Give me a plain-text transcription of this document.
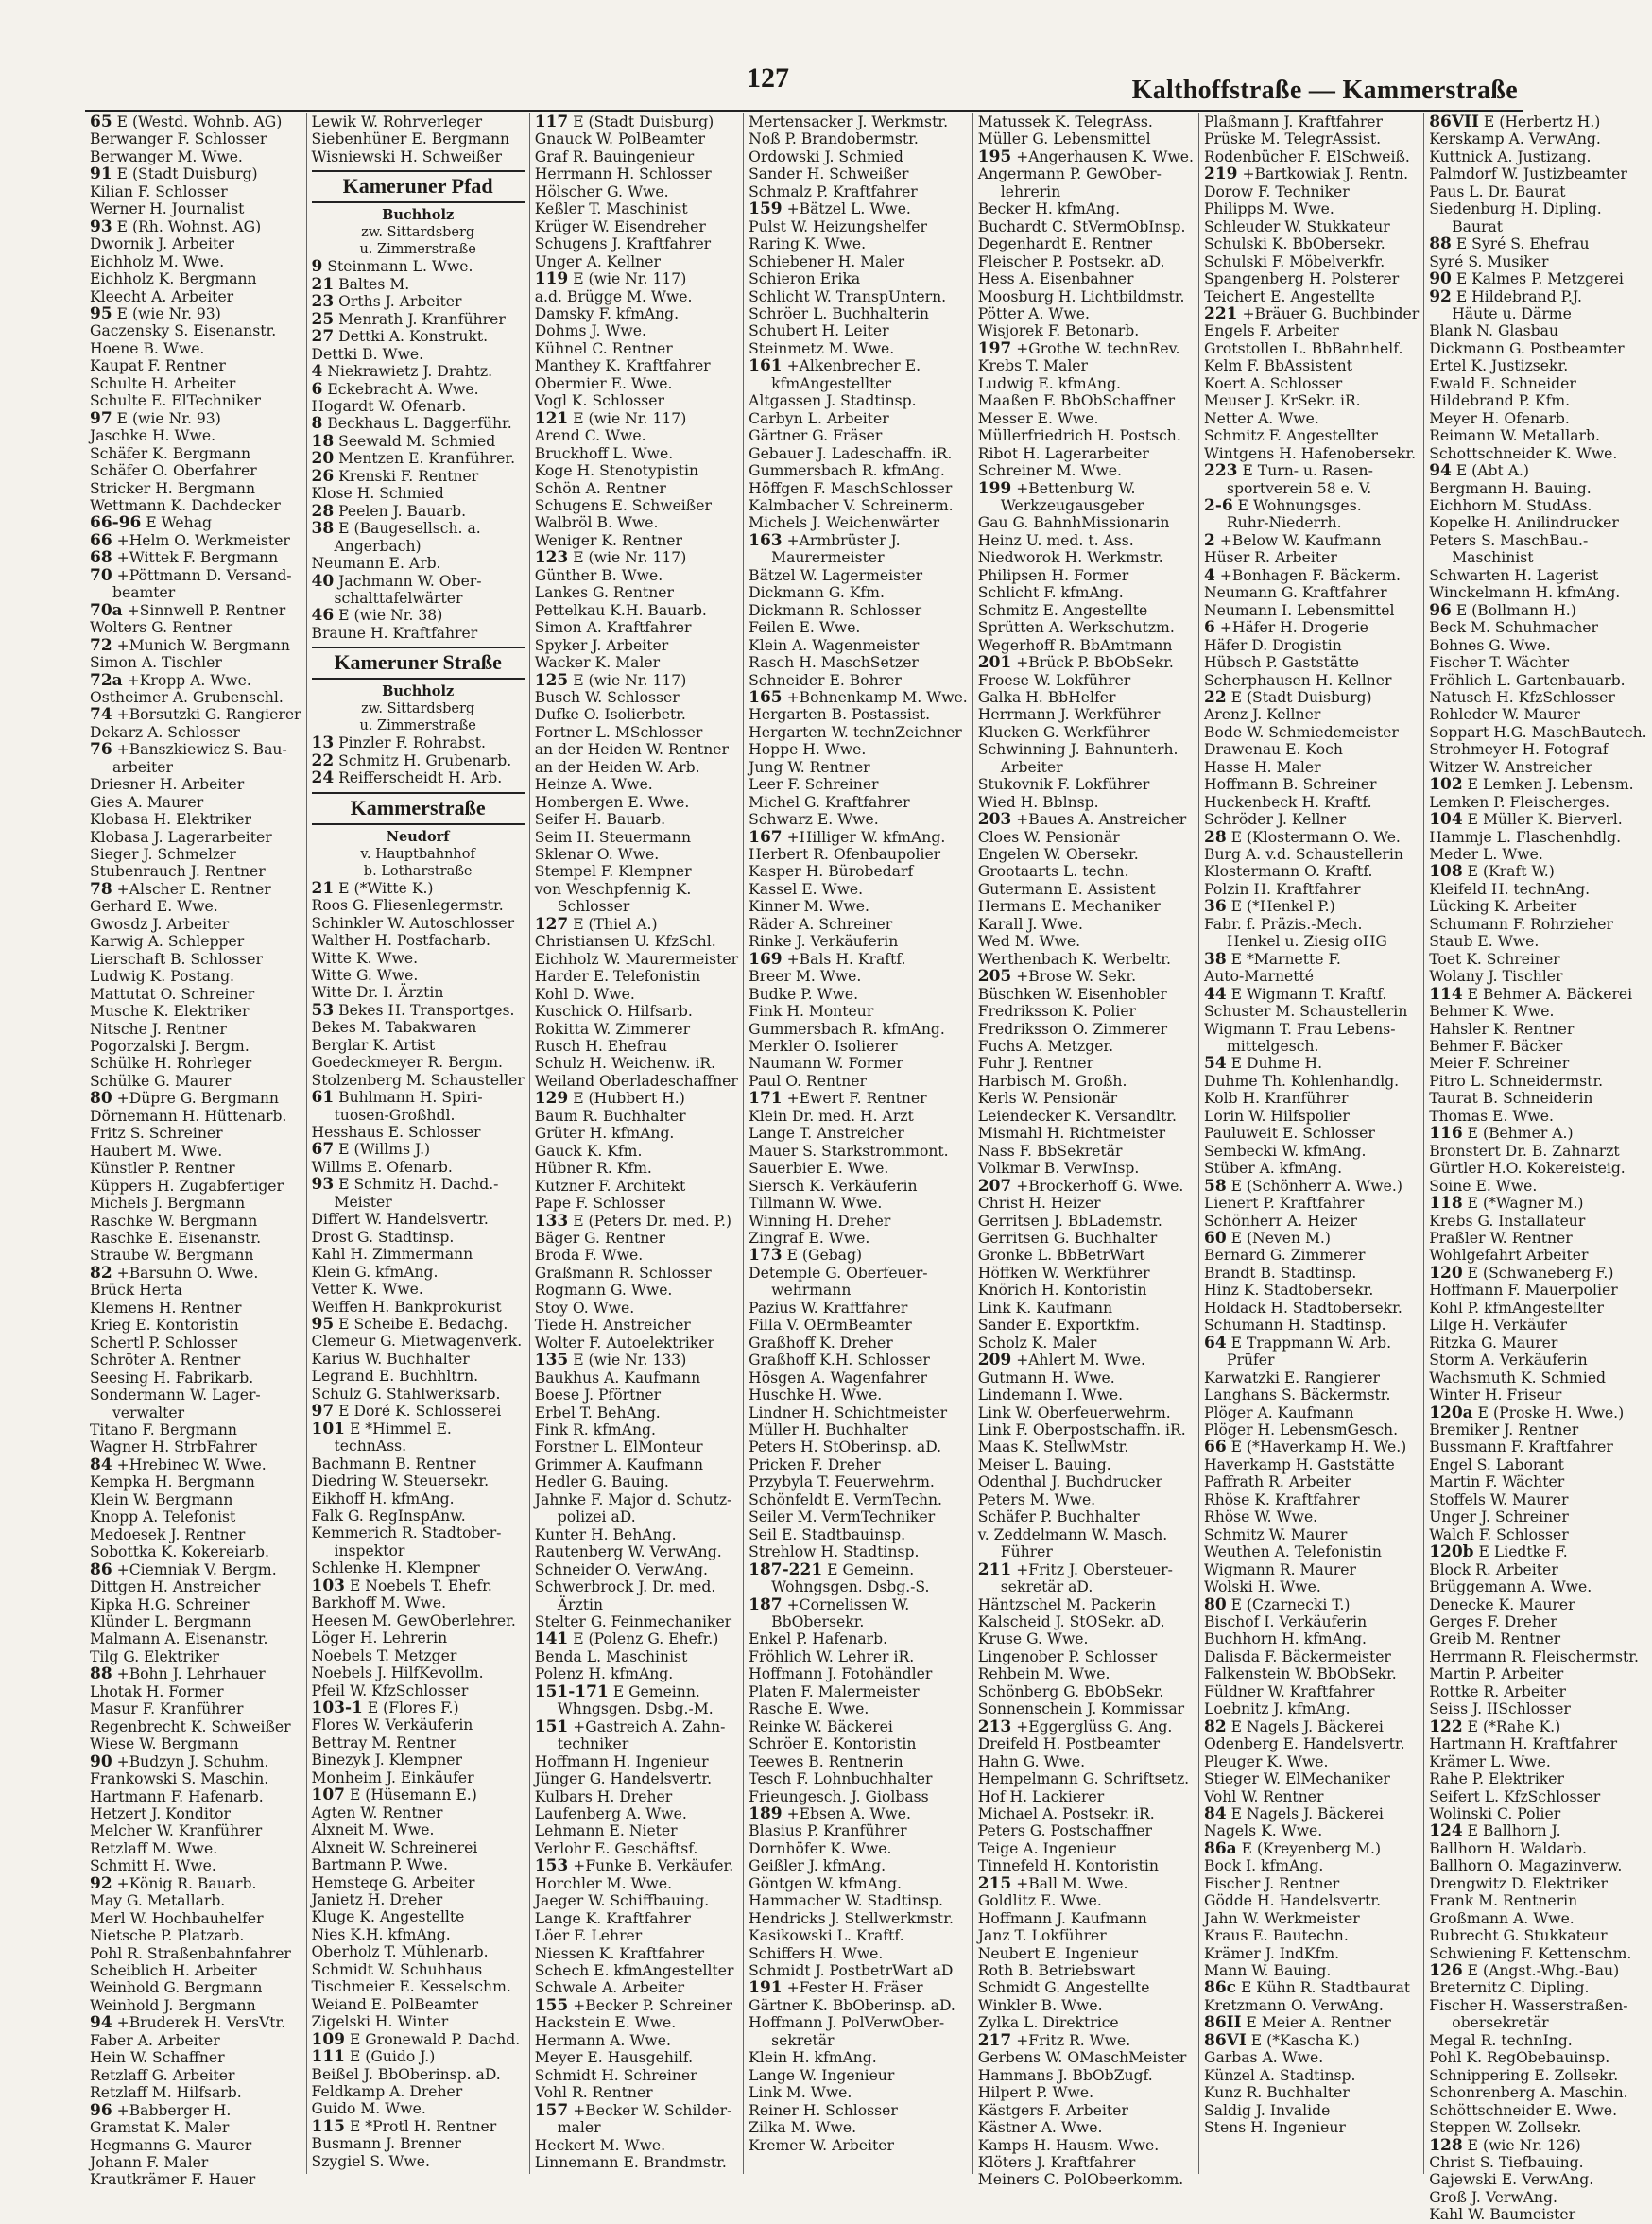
127	Kalthoffstraße — Kammerstraße
65 E (Westd. Wohnb. AG)
Berwanger F. Schlosser
Berwanger M. Wwe.
91 E (Stadt Duisburg)
Kilian F. Schlosser
Werner H. Journalist
93 E (Rh. Wohnst. AG)
Dwornik J. Arbeiter
Eichholz M. Wwe.
Eichholz K. Bergmann
Kleecht A. Arbeiter
95 E (wie Nr. 93)
Gaczensky S. Eisenanstr.
Hoene B. Wwe.
Kaupat F. Rentner
Schulte H. Arbeiter
Schulte E. ElTechniker
97 E (wie Nr. 93)
Jaschke H. Wwe.
Schäfer K. Bergmann
Schäfer O. Oberfahrer
Stricker H. Bergmann
Wettmann K. Dachdecker
66-96 E Wehag
66 +Helm O. Werkmeister
68 +Wittek F. Bergmann
70 +Pöttmann D. Versand-
beamter
70a +Sinnwell P. Rentner
Wolters G. Rentner
72 +Munich W. Bergmann
Simon A. Tischler
72a +Kropp A. Wwe.
Ostheimer A. Grubenschl.
74 +Borsutzki G. Rangierer
Dekarz A. Schlosser
76 +Banszkiewicz S. Bau-
arbeiter
Driesner H. Arbeiter
Gies A. Maurer
Klobasa H. Elektriker
Klobasa J. Lagerarbeiter
Sieger J. Schmelzer
Stubenrauch J. Rentner
78 +Alscher E. Rentner
Gerhard E. Wwe.
Gwosdz J. Arbeiter
Karwig A. Schlepper
Lierschaft B. Schlosser
Ludwig K. Postang.
Mattutat O. Schreiner
Musche K. Elektriker
Nitsche J. Rentner
Pogorzalski J. Bergm.
Schülke H. Rohrleger
Schülke G. Maurer
80 +Düpre G. Bergmann
Dörnemann H. Hüttenarb.
Fritz S. Schreiner
Haubert M. Wwe.
Künstler P. Rentner
Küppers H. Zugabfertiger
Michels J. Bergmann
Raschke W. Bergmann
Raschke E. Eisenanstr.
Straube W. Bergmann
82 +Barsuhn O. Wwe.
Brück Herta
Klemens H. Rentner
Krieg E. Kontoristin
Schertl P. Schlosser
Schröter A. Rentner
Seesing H. Fabrikarb.
Sondermann W. Lager-
verwalter
Titano F. Bergmann
Wagner H. StrbFahrer
84 +Hrebinec W. Wwe.
Kempka H. Bergmann
Klein W. Bergmann
Knopp A. Telefonist
Medoesek J. Rentner
Sobottka K. Kokereiarb.
86 +Ciemniak V. Bergm.
Dittgen H. Anstreicher
Kipka H.G. Schreiner
Klünder L. Bergmann
Malmann A. Eisenanstr.
Tilg G. Elektriker
88 +Bohn J. Lehrhauer
Lhotak H. Former
Masur F. Kranführer
Regenbrecht K. Schweißer
Wiese W. Bergmann
90 +Budzyn J. Schuhm.
Frankowski S. Maschin.
Hartmann F. Hafenarb.
Hetzert J. Konditor
Melcher W. Kranführer
Retzlaff M. Wwe.
Schmitt H. Wwe.
92 +König R. Bauarb.
May G. Metallarb.
Merl W. Hochbauhelfer
Nietsche P. Platzarb.
Pohl R. Straßenbahnfahrer
Scheiblich H. Arbeiter
Weinhold G. Bergmann
Weinhold J. Bergmann
94 +Bruderek H. VersVtr.
Faber A. Arbeiter
Hein W. Schaffner
Retzlaff G. Arbeiter
Retzlaff M. Hilfsarb.
96 +Babberger H.
Gramstat K. Maler
Hegmanns G. Maurer
Johann F. Maler
Krautkrämer F. Hauer
Lewik W. Rohrverleger
Siebenhüner E. Bergmann
Wisniewski H. Schweißer
Kameruner Pfad
Buchholz
zw. Sittardsberg
u. Zimmerstraße
9 Steinmann L. Wwe.
21 Baltes M.
23 Orths J. Arbeiter
25 Menrath J. Kranführer
27 Dettki A. Konstrukt.
Dettki B. Wwe.
4 Niekrawietz J. Drahtz.
6 Eckebracht A. Wwe.
Hogardt W. Ofenarb.
8 Beckhaus L. Baggerführ.
18 Seewald M. Schmied
20 Mentzen E. Kranführer.
26 Krenski F. Rentner
Klose H. Schmied
28 Peelen J. Bauarb.
38 E (Baugesellsch. a.
Angerbach)
Neumann E. Arb.
40 Jachmann W. Ober-
schalttafelwärter
46 E (wie Nr. 38)
Braune H. Kraftfahrer
Kameruner Straße
Buchholz
zw. Sittardsberg
u. Zimmerstraße
13 Pinzler F. Rohrabst.
22 Schmitz H. Grubenarb.
24 Reifferscheidt H. Arb.
Kammerstraße
Neudorf
v. Hauptbahnhof
b. Lotharstraße
21 E (*Witte K.)
Roos G. Fliesenlegermstr.
Schinkler W. Autoschlosser
Walther H. Postfacharb.
Witte K. Wwe.
Witte G. Wwe.
Witte Dr. I. Ärztin
53 Bekes H. Transportges.
Bekes M. Tabakwaren
Berglar K. Artist
Goedeckmeyer R. Bergm.
Stolzenberg M. Schausteller
61 Buhlmann H. Spiri-
tuosen-Großhdl.
Hesshaus E. Schlosser
67 E (Willms J.)
Willms E. Ofenarb.
93 E Schmitz H. Dachd.-
Meister
Differt W. Handelsvertr.
Drost G. Stadtinsp.
Kahl H. Zimmermann
Klein G. kfmAng.
Vetter K. Wwe.
Weiffen H. Bankprokurist
95 E Scheibe E. Bedachg.
Clemeur G. Mietwagenverk.
Karius W. Buchhalter
Legrand E. Buchhltrn.
Schulz G. Stahlwerksarb.
97 E Doré K. Schlosserei
101 E *Himmel E.
technAss.
Bachmann B. Rentner
Diedring W. Steuersekr.
Eikhoff H. kfmAng.
Falk G. RegInspAnw.
Kemmerich R. Stadtober-
inspektor
Schlenke H. Klempner
103 E Noebels T. Ehefr.
Barkhoff M. Wwe.
Heesen M. GewOberlehrer.
Löger H. Lehrerin
Noebels T. Metzger
Noebels J. HilfKevollm.
Pfeil W. KfzSchlosser
103-1 E (Flores F.)
Flores W. Verkäuferin
Bettray M. Rentner
Binezyk J. Klempner
Monheim J. Einkäufer
107 E (Hüsemann E.)
Agten W. Rentner
Alxneit M. Wwe.
Alxneit W. Schreinerei
Bartmann P. Wwe.
Hemsteqe G. Arbeiter
Janietz H. Dreher
Kluge K. Angestellte
Nies K.H. kfmAng.
Oberholz T. Mühlenarb.
Schmidt W. Schuhhaus
Tischmeier E. Kesselschm.
Weiand E. PolBeamter
Zigelski H. Winter
109 E Gronewald P. Dachd.
111 E (Guido J.)
Beißel J. BbOberinsp. aD.
Feldkamp A. Dreher
Guido M. Wwe.
115 E *Protl H. Rentner
Busmann J. Brenner
Szygiel S. Wwe.
117 E (Stadt Duisburg)
Gnauck W. PolBeamter
Graf R. Bauingenieur
Herrmann H. Schlosser
Hölscher G. Wwe.
Keßler T. Maschinist
Krüger W. Eisendreher
Schugens J. Kraftfahrer
Unger A. Kellner
119 E (wie Nr. 117)
a.d. Brügge M. Wwe.
Damsky F. kfmAng.
Dohms J. Wwe.
Kühnel C. Rentner
Manthey K. Kraftfahrer
Obermier E. Wwe.
Vogl K. Schlosser
121 E (wie Nr. 117)
Arend C. Wwe.
Bruckhoff L. Wwe.
Koge H. Stenotypistin
Schön A. Rentner
Schugens E. Schweißer
Walbröl B. Wwe.
Weniger K. Rentner
123 E (wie Nr. 117)
Günther B. Wwe.
Lankes G. Rentner
Pettelkau K.H. Bauarb.
Simon A. Kraftfahrer
Spyker J. Arbeiter
Wacker K. Maler
125 E (wie Nr. 117)
Busch W. Schlosser
Dufke O. Isolierbetr.
Fortner L. MSchlosser
an der Heiden W. Rentner
an der Heiden W. Arb.
Heinze A. Wwe.
Hombergen E. Wwe.
Seifer H. Bauarb.
Seim H. Steuermann
Sklenar O. Wwe.
Stempel F. Klempner
von Weschpfennig K.
Schlosser
127 E (Thiel A.)
Christiansen U. KfzSchl.
Eichholz W. Maurermeister
Harder E. Telefonistin
Kohl D. Wwe.
Kuschick O. Hilfsarb.
Rokitta W. Zimmerer
Rusch H. Ehefrau
Schulz H. Weichenw. iR.
Weiland Oberladeschaffner
129 E (Hubbert H.)
Baum R. Buchhalter
Grüter H. kfmAng.
Gauck K. Kfm.
Hübner R. Kfm.
Kutzner F. Architekt
Pape F. Schlosser
133 E (Peters Dr. med. P.)
Bäger G. Rentner
Broda F. Wwe.
Graßmann R. Schlosser
Rogmann G. Wwe.
Stoy O. Wwe.
Tiede H. Anstreicher
Wolter F. Autoelektriker
135 E (wie Nr. 133)
Baukhus A. Kaufmann
Boese J. Pförtner
Erbel T. BehAng.
Fink R. kfmAng.
Forstner L. ElMonteur
Grimmer A. Kaufmann
Hedler G. Bauing.
Jahnke F. Major d. Schutz-
polizei aD.
Kunter H. BehAng.
Rautenberg W. VerwAng.
Schneider O. VerwAng.
Schwerbrock J. Dr. med.
Ärztin
Stelter G. Feinmechaniker
141 E (Polenz G. Ehefr.)
Benda L. Maschinist
Polenz H. kfmAng.
151-171 E Gemeinn.
Whngsgen. Dsbg.-M.
151 +Gastreich A. Zahn-
techniker
Hoffmann H. Ingenieur
Jünger G. Handelsvertr.
Kulbars H. Dreher
Laufenberg A. Wwe.
Lehmann E. Nieter
Verlohr E. Geschäftsf.
153 +Funke B. Verkäufer.
Horchler M. Wwe.
Jaeger W. Schiffbauing.
Lange K. Kraftfahrer
Löer F. Lehrer
Niessen K. Kraftfahrer
Schech E. kfmAngestellter
Schwale A. Arbeiter
155 +Becker P. Schreiner
Hackstein E. Wwe.
Hermann A. Wwe.
Meyer E. Hausgehilf.
Schmidt H. Schreiner
Vohl R. Rentner
157 +Becker W. Schilder-
maler
Heckert M. Wwe.
Linnemann E. Brandmstr.
Mertensacker J. Werkmstr.
Noß P. Brandobermstr.
Ordowski J. Schmied
Sander H. Schweißer
Schmalz P. Kraftfahrer
159 +Bätzel L. Wwe.
Pulst W. Heizungshelfer
Raring K. Wwe.
Schiebener H. Maler
Schieron Erika
Schlicht W. TranspUntern.
Schröer L. Buchhalterin
Schubert H. Leiter
Steinmetz M. Wwe.
161 +Alkenbrecher E.
kfmAngestellter
Altgassen J. Stadtinsp.
Carbyn L. Arbeiter
Gärtner G. Fräser
Gebauer J. Ladeschaffn. iR.
Gummersbach R. kfmAng.
Höffgen F. MaschSchlosser
Kalmbacher V. Schreinerm.
Michels J. Weichenwärter
163 +Armbrüster J.
Maurermeister
Bätzel W. Lagermeister
Dickmann G. Kfm.
Dickmann R. Schlosser
Feilen E. Wwe.
Klein A. Wagenmeister
Rasch H. MaschSetzer
Schneider E. Bohrer
165 +Bohnenkamp M. Wwe.
Hergarten B. Postassist.
Hergarten W. technZeichner
Hoppe H. Wwe.
Jung W. Rentner
Leer F. Schreiner
Michel G. Kraftfahrer
Schwarz E. Wwe.
167 +Hilliger W. kfmAng.
Herbert R. Ofenbaupolier
Kasper H. Bürobedarf
Kassel E. Wwe.
Kinner M. Wwe.
Räder A. Schreiner
Rinke J. Verkäuferin
169 +Bals H. Kraftf.
Breer M. Wwe.
Budke P. Wwe.
Fink H. Monteur
Gummersbach R. kfmAng.
Merkler O. Isolierer
Naumann W. Former
Paul O. Rentner
171 +Ewert F. Rentner
Klein Dr. med. H. Arzt
Lange T. Anstreicher
Mauer S. Starkstrommont.
Sauerbier E. Wwe.
Siersch K. Verkäuferin
Tillmann W. Wwe.
Winning H. Dreher
Zingraf E. Wwe.
173 E (Gebag)
Detemple G. Oberfeuer-
wehrmann
Pazius W. Kraftfahrer
Filla V. OErmBeamter
Graßhoff K. Dreher
Graßhoff K.H. Schlosser
Hösgen A. Wagenfahrer
Huschke H. Wwe.
Lindner H. Schichtmeister
Müller H. Buchhalter
Peters H. StOberinsp. aD.
Pricken F. Dreher
Przybyla T. Feuerwehrm.
Schönfeldt E. VermTechn.
Seiler M. VermTechniker
Seil E. Stadtbauinsp.
Strehlow H. Stadtinsp.
187-221 E Gemeinn.
Wohngsgen. Dsbg.-S.
187 +Cornelissen W.
BbObersekr.
Enkel P. Hafenarb.
Fröhlich W. Lehrer iR.
Hoffmann J. Fotohändler
Platen F. Malermeister
Rasche E. Wwe.
Reinke W. Bäckerei
Schröer E. Kontoristin
Teewes B. Rentnerin
Tesch F. Lohnbuchhalter
Frieungesch. J. Giolbass
189 +Ebsen A. Wwe.
Blasius P. Kranführer
Dornhöfer K. Wwe.
Geißler J. kfmAng.
Göntgen W. kfmAng.
Hammacher W. Stadtinsp.
Hendricks J. Stellwerkmstr.
Kasikowski L. Kraftf.
Schiffers H. Wwe.
Schmidt J. PostbetrWart aD
191 +Fester H. Fräser
Gärtner K. BbOberinsp. aD.
Hoffmann J. PolVerwOber-
sekretär
Klein H. kfmAng.
Lange W. Ingenieur
Link M. Wwe.
Reiner H. Schlosser
Zilka M. Wwe.
Kremer W. Arbeiter
Matussek K. TelegrAss.
Müller G. Lebensmittel
195 +Angerhausen K. Wwe.
Angermann P. GewOber-
lehrerin
Becker H. kfmAng.
Buchardt C. StVermObInsp.
Degenhardt E. Rentner
Fleischer P. Postsekr. aD.
Hess A. Eisenbahner
Moosburg H. Lichtbildmstr.
Pötter A. Wwe.
Wisjorek F. Betonarb.
197 +Grothe W. technRev.
Krebs T. Maler
Ludwig E. kfmAng.
Maaßen F. BbObSchaffner
Messer E. Wwe.
Müllerfriedrich H. Postsch.
Ribot H. Lagerarbeiter
Schreiner M. Wwe.
199 +Bettenburg W.
Werkzeugausgeber
Gau G. BahnhMissionarin
Heinz U. med. t. Ass.
Niedworok H. Werkmstr.
Philipsen H. Former
Schlicht F. kfmAng.
Schmitz E. Angestellte
Sprütten A. Werkschutzm.
Wegerhoff R. BbAmtmann
201 +Brück P. BbObSekr.
Froese W. Lokführer
Galka H. BbHelfer
Herrmann J. Werkführer
Klucken G. Werkführer
Schwinning J. Bahnunterh.
Arbeiter
Stukovnik F. Lokführer
Wied H. Bblnsp.
203 +Baues A. Anstreicher
Cloes W. Pensionär
Engelen W. Obersekr.
Grootaarts L. techn.
Gutermann E. Assistent
Hermans E. Mechaniker
Karall J. Wwe.
Wed M. Wwe.
Werthenbach K. Werbeltr.
205 +Brose W. Sekr.
Büschken W. Eisenhobler
Fredriksson K. Polier
Fredriksson O. Zimmerer
Fuchs A. Metzger.
Fuhr J. Rentner
Harbisch M. Großh.
Kerls W. Pensionär
Leiendecker K. Versandltr.
Mismahl H. Richtmeister
Nass F. BbSekretär
Volkmar B. VerwInsp.
207 +Brockerhoff G. Wwe.
Christ H. Heizer
Gerritsen J. BbLademstr.
Gerritsen G. Buchhalter
Gronke L. BbBetrWart
Höffken W. Werkführer
Knörich H. Kontoristin
Link K. Kaufmann
Sander E. Exportkfm.
Scholz K. Maler
209 +Ahlert M. Wwe.
Gutmann H. Wwe.
Lindemann I. Wwe.
Link W. Oberfeuerwehrm.
Link F. Oberpostschaffn. iR.
Maas K. StellwMstr.
Meiser L. Bauing.
Odenthal J. Buchdrucker
Peters M. Wwe.
Schäfer P. Buchhalter
v. Zeddelmann W. Masch.
Führer
211 +Fritz J. Obersteuer-
sekretär aD.
Häntzschel M. Packerin
Kalscheid J. StOSekr. aD.
Kruse G. Wwe.
Lingenober P. Schlosser
Rehbein M. Wwe.
Schönberg G. BbObSekr.
Sonnenschein J. Kommissar
213 +Eggerglüss G. Ang.
Dreifeld H. Postbeamter
Hahn G. Wwe.
Hempelmann G. Schriftsetz.
Hof H. Lackierer
Michael A. Postsekr. iR.
Peters G. Postschaffner
Teige A. Ingenieur
Tinnefeld H. Kontoristin
215 +Ball M. Wwe.
Goldlitz E. Wwe.
Hoffmann J. Kaufmann
Janz T. Lokführer
Neubert E. Ingenieur
Roth B. Betriebswart
Schmidt G. Angestellte
Winkler B. Wwe.
Zylka L. Direktrice
217 +Fritz R. Wwe.
Gerbens W. OMaschMeister
Hammans J. BbObZugf.
Hilpert P. Wwe.
Kästgers F. Arbeiter
Kästner A. Wwe.
Kamps H. Hausm. Wwe.
Klöters J. Kraftfahrer
Meiners C. PolObeerkomm.
Plaßmann J. Kraftfahrer
Prüske M. TelegrAssist.
Rodenbücher F. ElSchweiß.
219 +Bartkowiak J. Rentn.
Dorow F. Techniker
Philipps M. Wwe.
Schleuder W. Stukkateur
Schulski K. BbObersekr.
Schulski F. Möbelverkfr.
Spangenberg H. Polsterer
Teichert E. Angestellte
221 +Bräuer G. Buchbinder
Engels F. Arbeiter
Grotstollen L. BbBahnhelf.
Kelm F. BbAssistent
Koert A. Schlosser
Meuser J. KrSekr. iR.
Netter A. Wwe.
Schmitz F. Angestellter
Wintgens H. Hafenobersekr.
223 E Turn- u. Rasen-
sportverein 58 e. V.
2-6 E Wohnungsges.
Ruhr-Niederrh.
2 +Below W. Kaufmann
Hüser R. Arbeiter
4 +Bonhagen F. Bäckerm.
Neumann G. Kraftfahrer
Neumann I. Lebensmittel
6 +Häfer H. Drogerie
Häfer D. Drogistin
Hübsch P. Gaststätte
Scherphausen H. Kellner
22 E (Stadt Duisburg)
Arenz J. Kellner
Bode W. Schmiedemeister
Drawenau E. Koch
Hasse H. Maler
Hoffmann B. Schreiner
Huckenbeck H. Kraftf.
Schröder J. Kellner
28 E (Klostermann O. We.
Burg A. v.d. Schaustellerin
Klostermann O. Kraftf.
Polzin H. Kraftfahrer
36 E (*Henkel P.)
Fabr. f. Präzis.-Mech.
Henkel u. Ziesig oHG
38 E *Marnette F.
Auto-Marnetté
44 E Wigmann T. Kraftf.
Schuster M. Schaustellerin
Wigmann T. Frau Lebens-
mittelgesch.
54 E Duhme H.
Duhme Th. Kohlenhandlg.
Kolb H. Kranführer
Lorin W. Hilfspolier
Pauluweit E. Schlosser
Sembecki W. kfmAng.
Stüber A. kfmAng.
58 E (Schönherr A. Wwe.)
Lienert P. Kraftfahrer
Schönherr A. Heizer
60 E (Neven M.)
Bernard G. Zimmerer
Brandt B. Stadtinsp.
Hinz K. Stadtobersekr.
Holdack H. Stadtobersekr.
Schumann H. Stadtinsp.
64 E Trappmann W. Arb.
Prüfer
Karwatzki E. Rangierer
Langhans S. Bäckermstr.
Plöger A. Kaufmann
Plöger H. LebensmGesch.
66 E (*Haverkamp H. We.)
Haverkamp H. Gaststätte
Paffrath R. Arbeiter
Rhöse K. Kraftfahrer
Rhöse W. Wwe.
Schmitz W. Maurer
Weuthen A. Telefonistin
Wigmann R. Maurer
Wolski H. Wwe.
80 E (Czarnecki T.)
Bischof I. Verkäuferin
Buchhorn H. kfmAng.
Dalisda F. Bäckermeister
Falkenstein W. BbObSekr.
Füldner W. Kraftfahrer
Loebnitz J. kfmAng.
82 E Nagels J. Bäckerei
Odenberg E. Handelsvertr.
Pleuger K. Wwe.
Stieger W. ElMechaniker
Vohl W. Rentner
84 E Nagels J. Bäckerei
Nagels K. Wwe.
86a E (Kreyenberg M.)
Bock I. kfmAng.
Fischer J. Rentner
Gödde H. Handelsvertr.
Jahn W. Werkmeister
Kraus E. Bautechn.
Krämer J. IndKfm.
Mann W. Bauing.
86c E Kühn R. Stadtbaurat
Kretzmann O. VerwAng.
86II E Meier A. Rentner
86VI E (*Kascha K.)
Garbas A. Wwe.
Künzel A. Stadtinsp.
Kunz R. Buchhalter
Saldig J. Invalide
Stens H. Ingenieur
86VII E (Herbertz H.)
Kerskamp A. VerwAng.
Kuttnick A. Justizang.
Palmdorf W. Justizbeamter
Paus L. Dr. Baurat
Siedenburg H. Dipling.
Baurat
88 E Syré S. Ehefrau
Syré S. Musiker
90 E Kalmes P. Metzgerei
92 E Hildebrand P.J.
Häute u. Därme
Blank N. Glasbau
Dickmann G. Postbeamter
Ertel K. Justizsekr.
Ewald E. Schneider
Hildebrand P. Kfm.
Meyer H. Ofenarb.
Reimann W. Metallarb.
Schottschneider K. Wwe.
94 E (Abt A.)
Bergmann H. Bauing.
Eichhorn M. StudAss.
Kopelke H. Anilindrucker
Peters S. MaschBau.-
Maschinist
Schwarten H. Lagerist
Winckelmann H. kfmAng.
96 E (Bollmann H.)
Beck M. Schuhmacher
Bohnes G. Wwe.
Fischer T. Wächter
Fröhlich L. Gartenbauarb.
Natusch H. KfzSchlosser
Rohleder W. Maurer
Soppart H.G. MaschBautech.
Strohmeyer H. Fotograf
Witzer W. Anstreicher
102 E Lemken J. Lebensm.
Lemken P. Fleischerges.
104 E Müller K. Bierverl.
Hammje L. Flaschenhdlg.
Meder L. Wwe.
108 E (Kraft W.)
Kleifeld H. technAng.
Lücking K. Arbeiter
Schumann F. Rohrzieher
Staub E. Wwe.
Toet K. Schreiner
Wolany J. Tischler
114 E Behmer A. Bäckerei
Behmer K. Wwe.
Hahsler K. Rentner
Behmer F. Bäcker
Meier F. Schreiner
Pitro L. Schneidermstr.
Taurat B. Schneiderin
Thomas E. Wwe.
116 E (Behmer A.)
Bronstert Dr. B. Zahnarzt
Gürtler H.O. Kokereisteig.
Soine E. Wwe.
118 E (*Wagner M.)
Krebs G. Installateur
Praßler W. Rentner
Wohlgefahrt Arbeiter
120 E (Schwaneberg F.)
Hoffmann F. Mauerpolier
Kohl P. kfmAngestellter
Lilge H. Verkäufer
Ritzka G. Maurer
Storm A. Verkäuferin
Wachsmuth K. Schmied
Winter H. Friseur
120a E (Proske H. Wwe.)
Bremiker J. Rentner
Bussmann F. Kraftfahrer
Engel S. Laborant
Martin F. Wächter
Stoffels W. Maurer
Unger J. Schreiner
Walch F. Schlosser
120b E Liedtke F.
Block R. Arbeiter
Brüggemann A. Wwe.
Denecke K. Maurer
Gerges F. Dreher
Greib M. Rentner
Herrmann R. Fleischermstr.
Martin P. Arbeiter
Rottke R. Arbeiter
Seiss J. IISchlosser
122 E (*Rahe K.)
Hartmann H. Kraftfahrer
Krämer L. Wwe.
Rahe P. Elektriker
Seifert L. KfzSchlosser
Wolinski C. Polier
124 E Ballhorn J.
Ballhorn H. Waldarb.
Ballhorn O. Magazinverw.
Drengwitz D. Elektriker
Frank M. Rentnerin
Großmann A. Wwe.
Rubrecht G. Stukkateur
Schwiening F. Kettenschm.
126 E (Angst.-Whg.-Bau)
Breternitz C. Dipling.
Fischer H. Wasserstraßen-
obersekretär
Megal R. technIng.
Pohl K. RegObebauinsp.
Schnippering E. Zollsekr.
Schonrenberg A. Maschin.
Schöttschneider E. Wwe.
Steppen W. Zollsekr.
128 E (wie Nr. 126)
Christ S. Tiefbauing.
Gajewski E. VerwAng.
Groß J. VerwAng.
Kahl W. Baumeister
